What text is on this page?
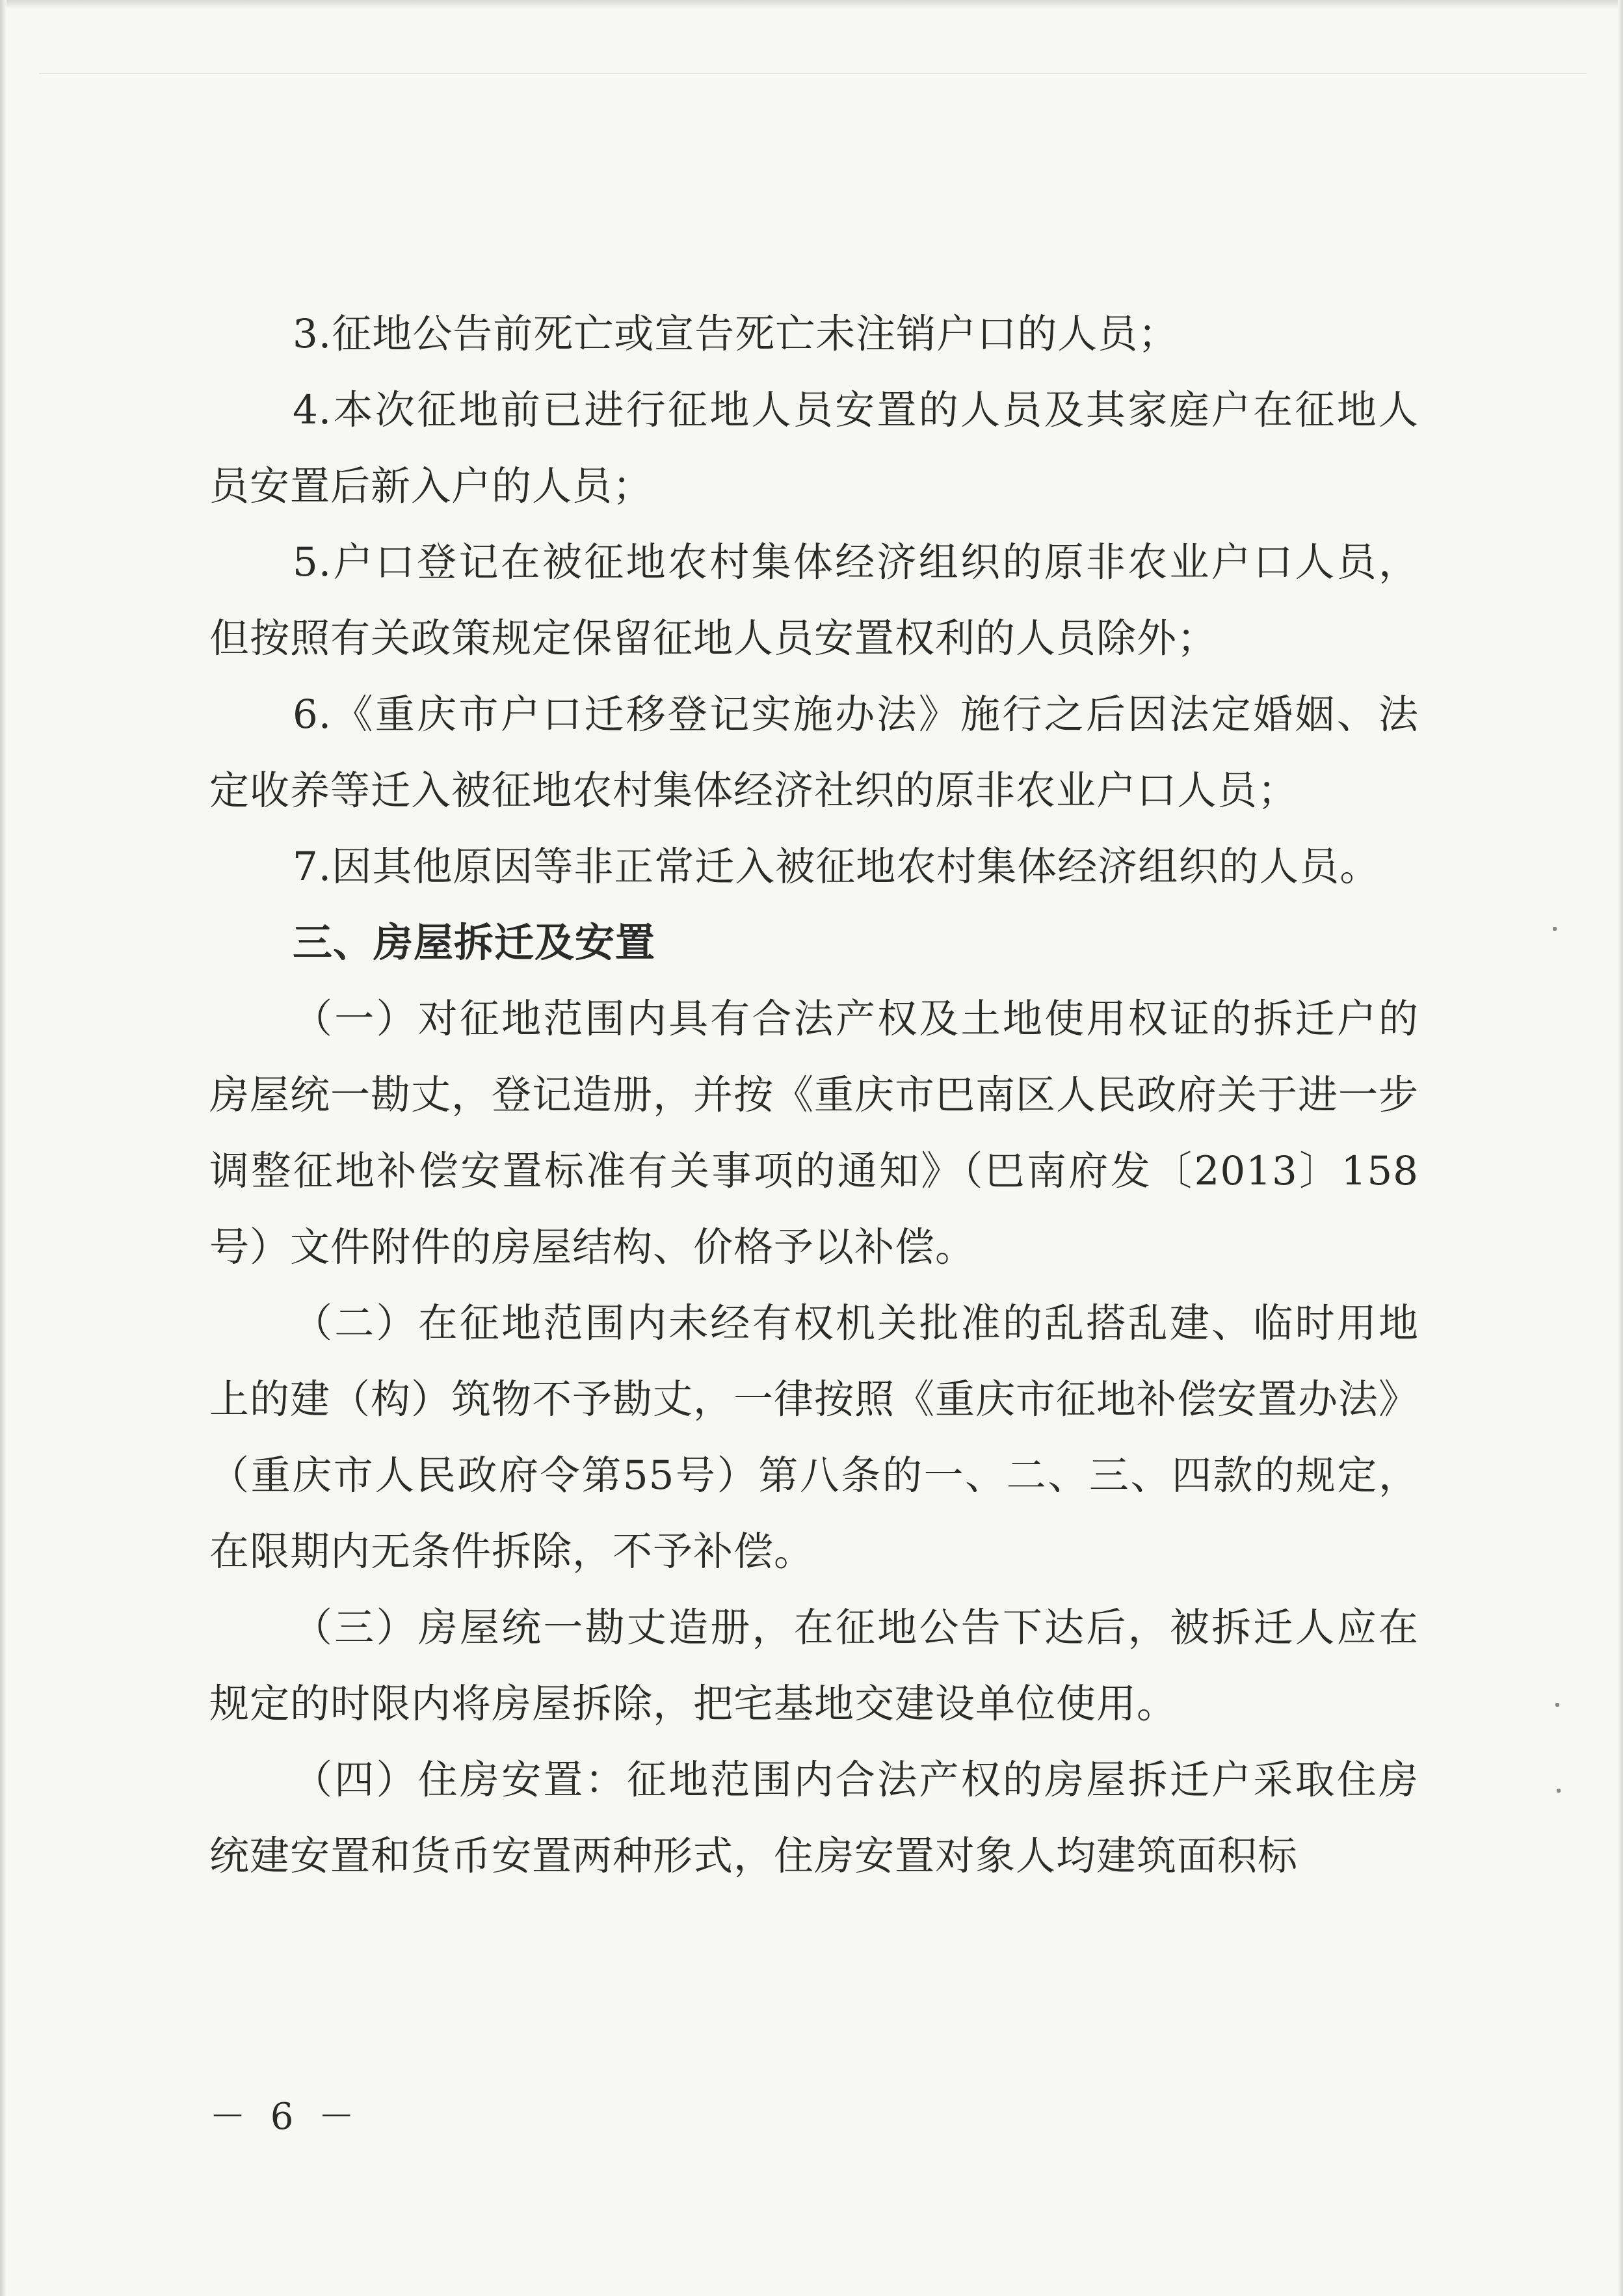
3.征地公告前死亡或宣告死亡未注销户口的人员；

4.本次征地前已进行征地人员安置的人员及其家庭户在征地人员安置后新入户的人员；

5.户口登记在被征地农村集体经济组织的原非农业户口人员，但按照有关政策规定保留征地人员安置权利的人员除外；

6.《重庆市户口迁移登记实施办法》施行之后因法定婚姻、法定收养等迁入被征地农村集体经济社织的原非农业户口人员；

7.因其他原因等非正常迁入被征地农村集体经济组织的人员。

三、房屋拆迁及安置

（一）对征地范围内具有合法产权及土地使用权证的拆迁户的房屋统一勘丈，登记造册，并按《重庆市巴南区人民政府关于进一步调整征地补偿安置标准有关事项的通知》（巴南府发〔2013〕158号）文件附件的房屋结构、价格予以补偿。

（二）在征地范围内未经有权机关批准的乱搭乱建、临时用地上的建（构）筑物不予勘丈，一律按照《重庆市征地补偿安置办法》（重庆市人民政府令第55号）第八条的一、二、三、四款的规定，在限期内无条件拆除，不予补偿。

（三）房屋统一勘丈造册，在征地公告下达后，被拆迁人应在规定的时限内将房屋拆除，把宅基地交建设单位使用。

（四）住房安置：征地范围内合法产权的房屋拆迁户采取住房统建安置和货币安置两种形式，住房安置对象人均建筑面积标

－ 6 －
